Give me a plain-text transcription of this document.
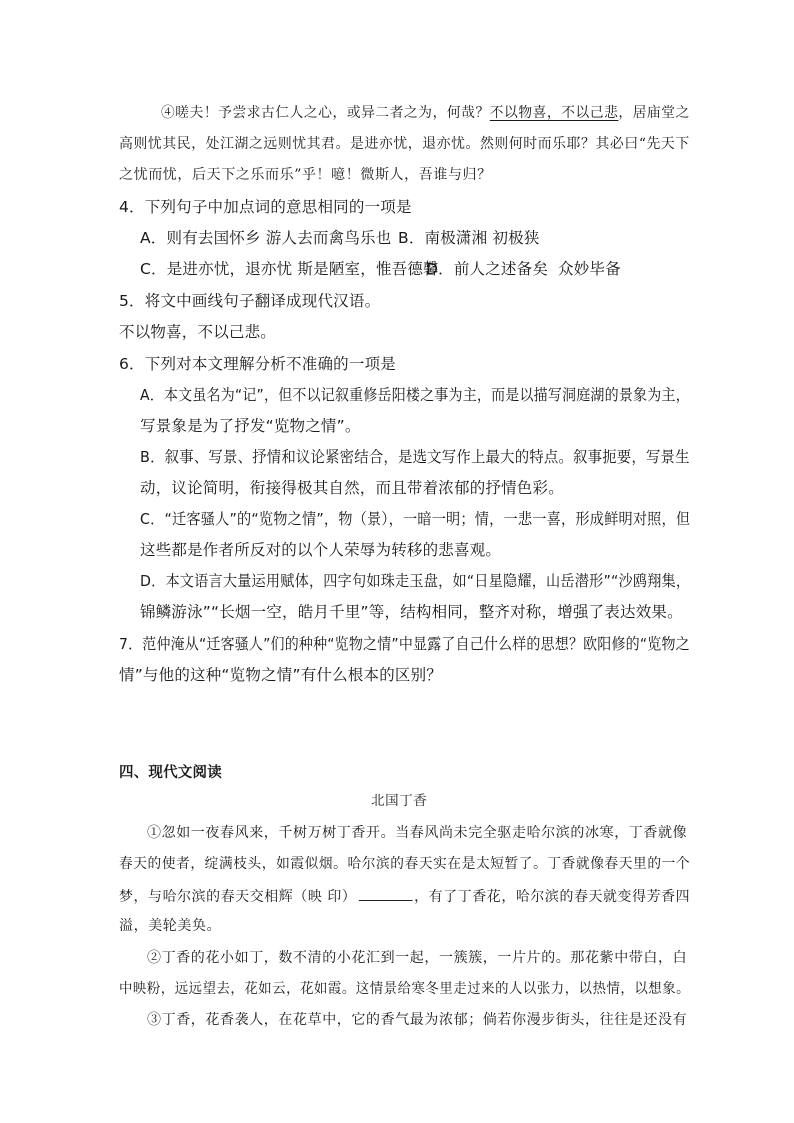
④嗟夫！予尝求古仁人之心，或异二者之为，何哉？不以物喜，不以己悲，居庙堂之
高则忧其民，处江湖之远则忧其君。是进亦忧，退亦忧。然则何时而乐耶？其必曰“先天下
之忧而忧，后天下之乐而乐”乎！噫！微斯人，吾谁与归？
4．下列句子中加点词的意思相同的一项是
A．则有去国怀乡 游人去而禽鸟乐也 B．南极潇湘 初极狭
C．是进亦忧，退亦忧 斯是陋室，惟吾德馨
D．前人之述备矣 众妙毕备
5．将文中画线句子翻译成现代汉语。
不以物喜，不以己悲。
6．下列对本文理解分析不准确的一项是
A．本文虽名为“记”，但不以记叙重修岳阳楼之事为主，而是以描写洞庭湖的景象为主，
写景象是为了抒发“览物之情”。
B．叙事、写景、抒情和议论紧密结合，是选文写作上最大的特点。叙事扼要，写景生
动，议论简明，衔接得极其自然，而且带着浓郁的抒情色彩。
C．“迁客骚人”的“览物之情”，物（景），一暗一明；情，一悲一喜，形成鲜明对照，但
这些都是作者所反对的以个人荣辱为转移的悲喜观。
D．本文语言大量运用赋体，四字句如珠走玉盘，如“日星隐耀，山岳潜形”“沙鸥翔集，
锦鳞游泳”“长烟一空，皓月千里”等，结构相同，整齐对称，增强了表达效果。
7．范仲淹从“迁客骚人”们的种种“览物之情”中显露了自己什么样的思想？欧阳修的“览物之
情”与他的这种“览物之情”有什么根本的区别？
四、现代文阅读
北国丁香
①忽如一夜春风来，千树万树丁香开。当春风尚未完全驱走哈尔滨的冰寒，丁香就像
春天的使者，绽满枝头，如霞似烟。哈尔滨的春天实在是太短暂了。丁香就像春天里的一个
梦，与哈尔滨的春天交相辉（映 印）	，有了丁香花，哈尔滨的春天就变得芳香四
溢，美轮美奂。
②丁香的花小如丁，数不清的小花汇到一起，一簇簇，一片片的。那花紫中带白，白
中映粉，远远望去，花如云，花如霞。这情景给寒冬里走过来的人以张力，以热情，以想象。
③丁香，花香袭人，在花草中，它的香气最为浓郁；倘若你漫步街头，往往是还没有
